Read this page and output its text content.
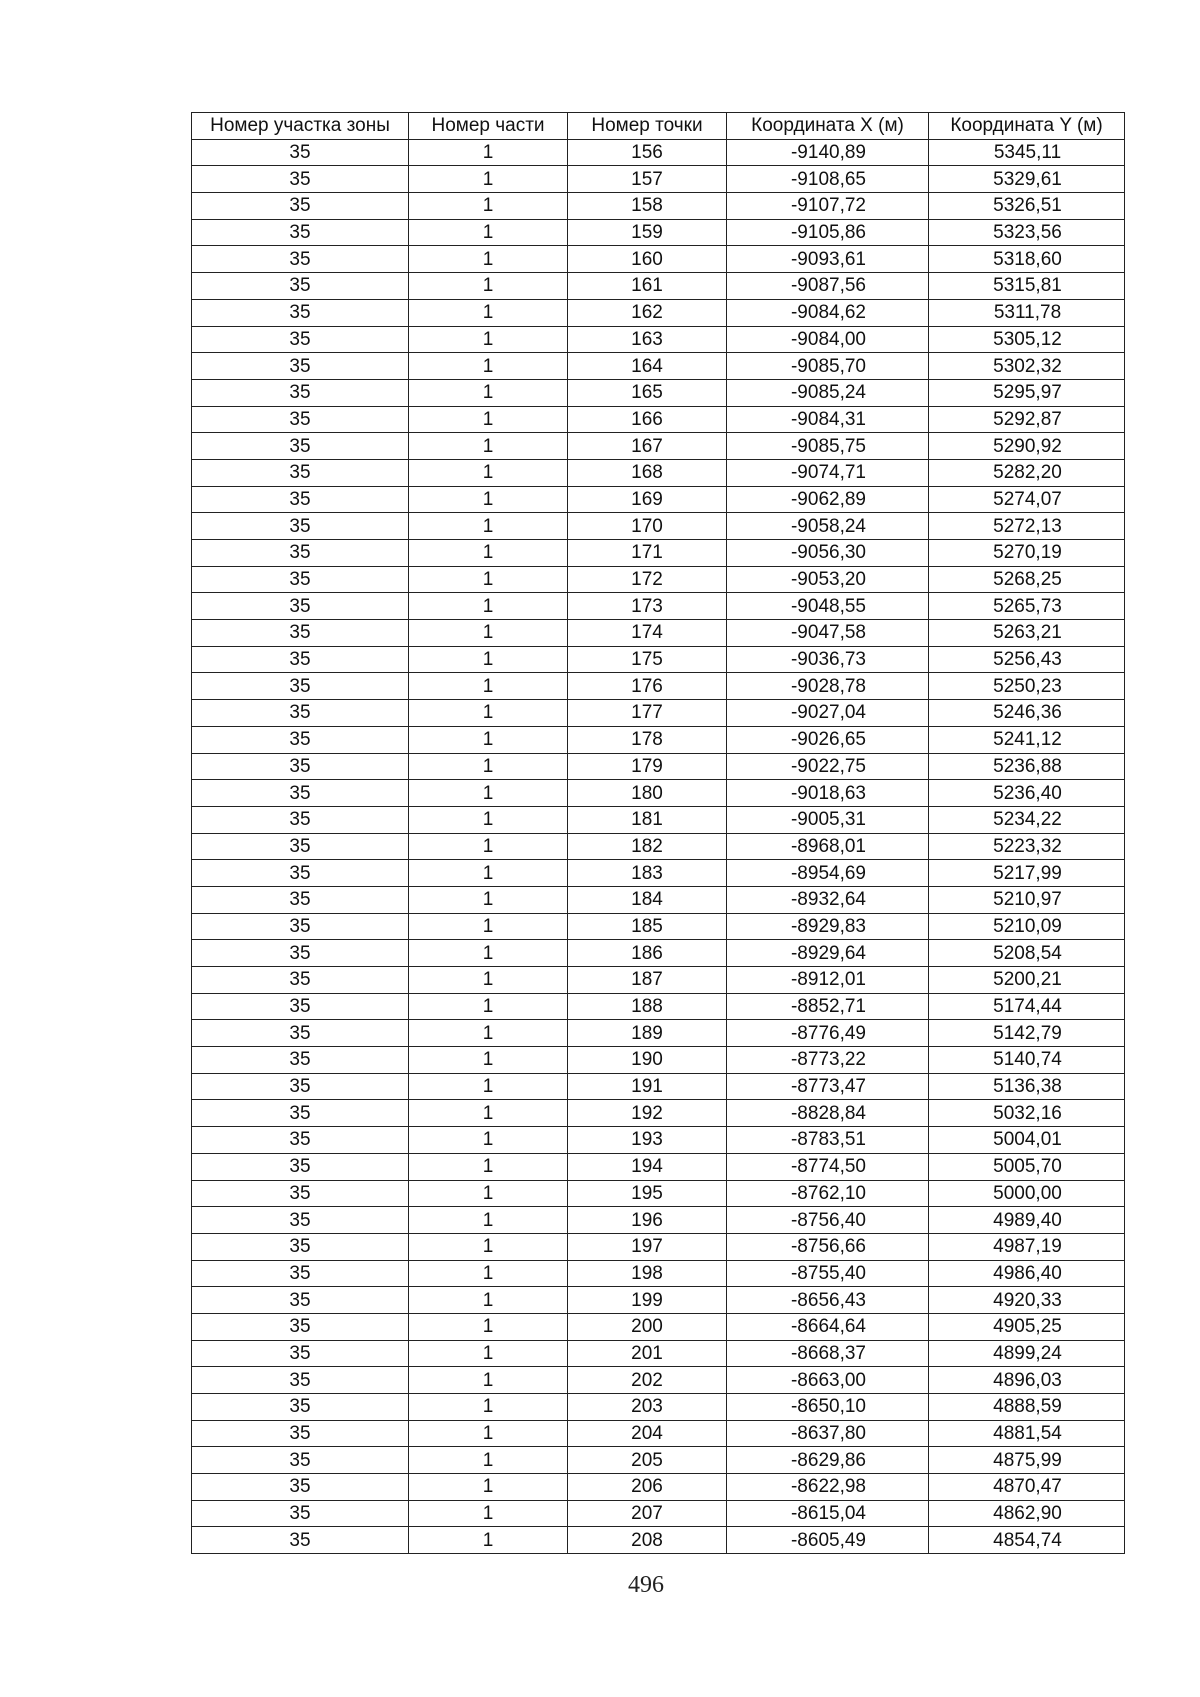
Номер участка зоны	Номер части	Номер точки	Координата X (м)	Координата Y (м)
35	1	156	-9140,89	5345,11
35	1	157	-9108,65	5329,61
35	1	158	-9107,72	5326,51
35	1	159	-9105,86	5323,56
35	1	160	-9093,61	5318,60
35	1	161	-9087,56	5315,81
35	1	162	-9084,62	5311,78
35	1	163	-9084,00	5305,12
35	1	164	-9085,70	5302,32
35	1	165	-9085,24	5295,97
35	1	166	-9084,31	5292,87
35	1	167	-9085,75	5290,92
35	1	168	-9074,71	5282,20
35	1	169	-9062,89	5274,07
35	1	170	-9058,24	5272,13
35	1	171	-9056,30	5270,19
35	1	172	-9053,20	5268,25
35	1	173	-9048,55	5265,73
35	1	174	-9047,58	5263,21
35	1	175	-9036,73	5256,43
35	1	176	-9028,78	5250,23
35	1	177	-9027,04	5246,36
35	1	178	-9026,65	5241,12
35	1	179	-9022,75	5236,88
35	1	180	-9018,63	5236,40
35	1	181	-9005,31	5234,22
35	1	182	-8968,01	5223,32
35	1	183	-8954,69	5217,99
35	1	184	-8932,64	5210,97
35	1	185	-8929,83	5210,09
35	1	186	-8929,64	5208,54
35	1	187	-8912,01	5200,21
35	1	188	-8852,71	5174,44
35	1	189	-8776,49	5142,79
35	1	190	-8773,22	5140,74
35	1	191	-8773,47	5136,38
35	1	192	-8828,84	5032,16
35	1	193	-8783,51	5004,01
35	1	194	-8774,50	5005,70
35	1	195	-8762,10	5000,00
35	1	196	-8756,40	4989,40
35	1	197	-8756,66	4987,19
35	1	198	-8755,40	4986,40
35	1	199	-8656,43	4920,33
35	1	200	-8664,64	4905,25
35	1	201	-8668,37	4899,24
35	1	202	-8663,00	4896,03
35	1	203	-8650,10	4888,59
35	1	204	-8637,80	4881,54
35	1	205	-8629,86	4875,99
35	1	206	-8622,98	4870,47
35	1	207	-8615,04	4862,90
35	1	208	-8605,49	4854,74
496
